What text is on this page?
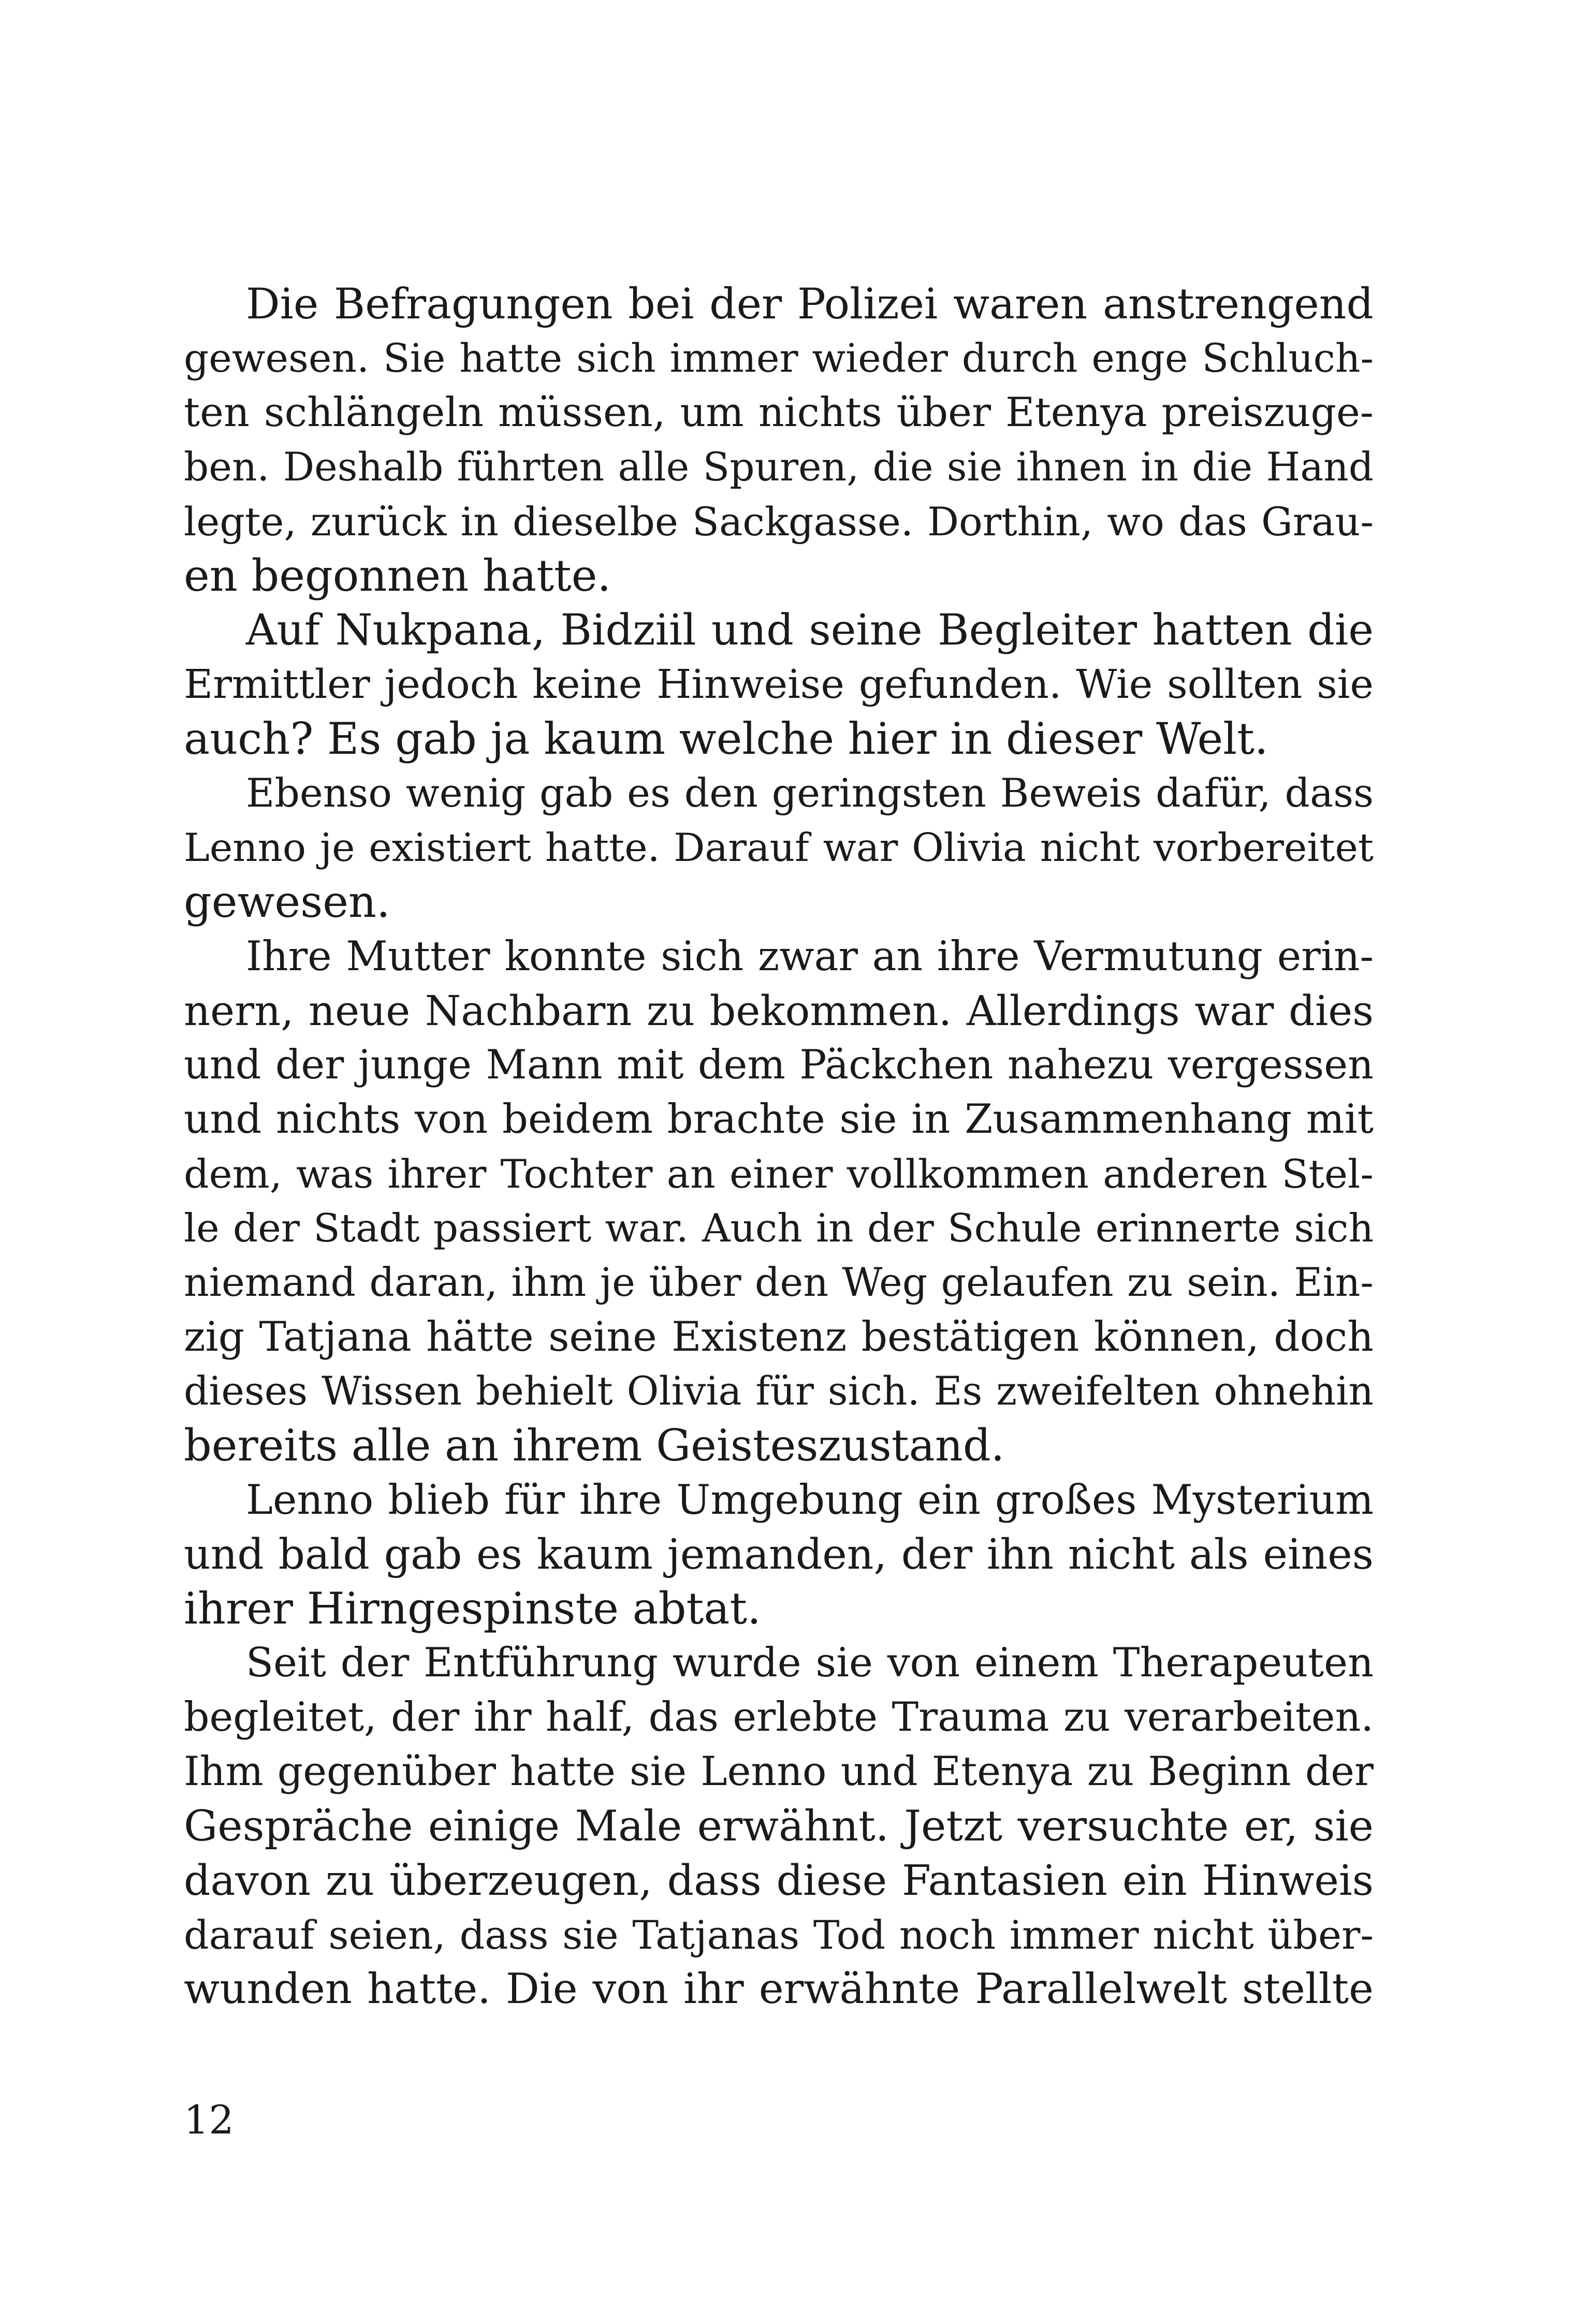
Die Befragungen bei der Polizei waren anstrengend
gewesen. Sie hatte sich immer wieder durch enge Schluch-
ten schlängeln müssen, um nichts über Etenya preiszuge-
ben. Deshalb führten alle Spuren, die sie ihnen in die Hand
legte, zurück in dieselbe Sackgasse. Dorthin, wo das Grau-
en begonnen hatte.

Auf Nukpana, Bidziil und seine Begleiter hatten die
Ermittler jedoch keine Hinweise gefunden. Wie sollten sie
auch? Es gab ja kaum welche hier in dieser Welt.

Ebenso wenig gab es den geringsten Beweis dafür, dass
Lenno je existiert hatte. Darauf war Olivia nicht vorbereitet
gewesen.

Ihre Mutter konnte sich zwar an ihre Vermutung erin-
nern, neue Nachbarn zu bekommen. Allerdings war dies
und der junge Mann mit dem Päckchen nahezu vergessen
und nichts von beidem brachte sie in Zusammenhang mit
dem, was ihrer Tochter an einer vollkommen anderen Stel-
le der Stadt passiert war. Auch in der Schule erinnerte sich
niemand daran, ihm je über den Weg gelaufen zu sein. Ein-
zig Tatjana hätte seine Existenz bestätigen können, doch
dieses Wissen behielt Olivia für sich. Es zweifelten ohnehin
bereits alle an ihrem Geisteszustand.

Lenno blieb für ihre Umgebung ein großes Mysterium
und bald gab es kaum jemanden, der ihn nicht als eines
ihrer Hirngespinste abtat.

Seit der Entführung wurde sie von einem Therapeuten
begleitet, der ihr half, das erlebte Trauma zu verarbeiten.
Ihm gegenüber hatte sie Lenno und Etenya zu Beginn der
Gespräche einige Male erwähnt. Jetzt versuchte er, sie
davon zu überzeugen, dass diese Fantasien ein Hinweis
darauf seien, dass sie Tatjanas Tod noch immer nicht über-
wunden hatte. Die von ihr erwähnte Parallelwelt stellte

12
